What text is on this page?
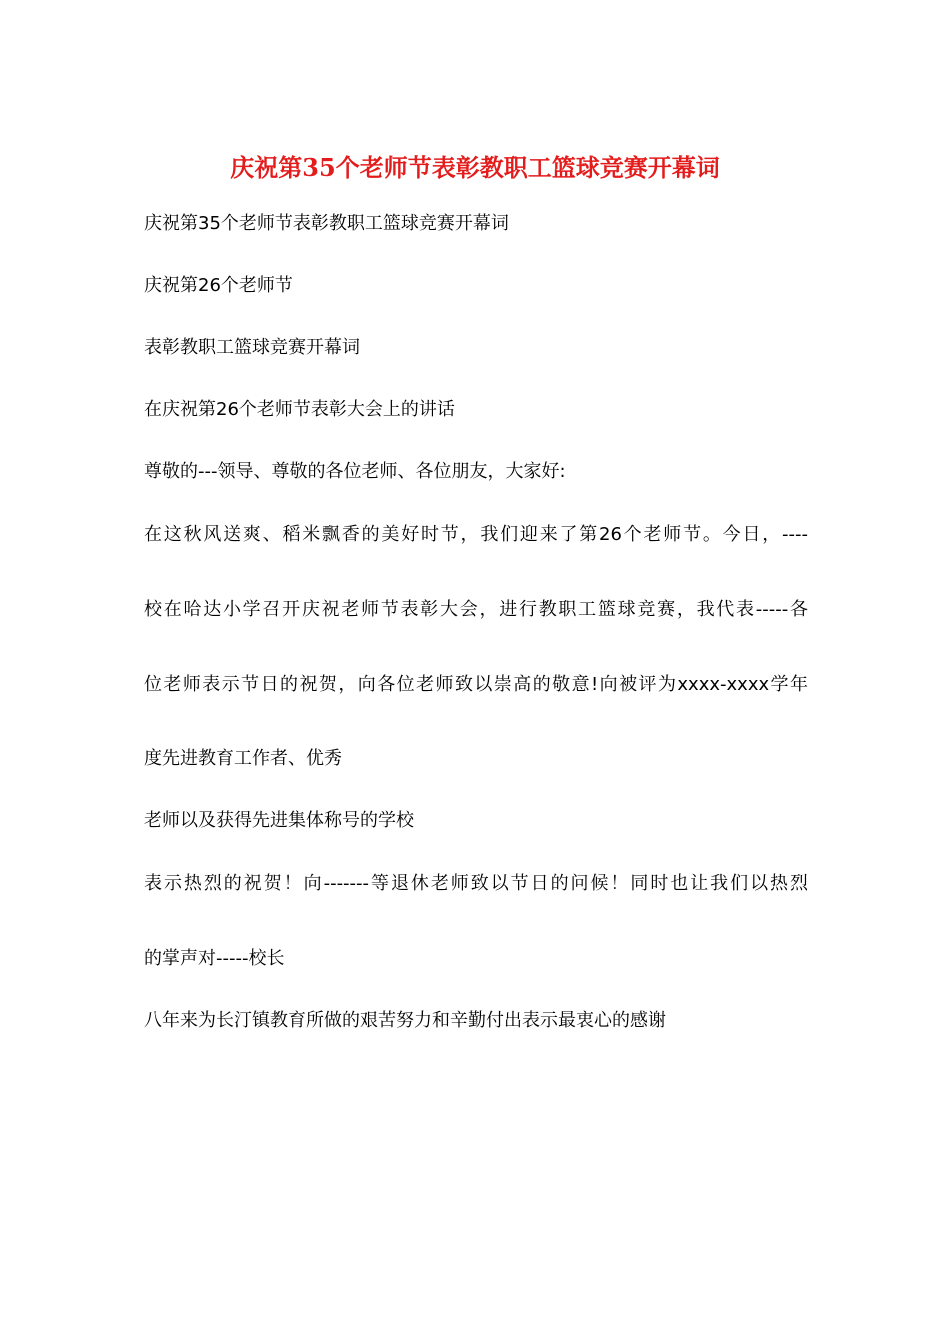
庆祝第35个老师节表彰教职工篮球竞赛开幕词
庆祝第35个老师节表彰教职工篮球竞赛开幕词
庆祝第26个老师节
表彰教职工篮球竞赛开幕词
在庆祝第26个老师节表彰大会上的讲话
尊敬的---领导、尊敬的各位老师、各位朋友，大家好:
在这秋风送爽、稻米飘香的美好时节，我们迎来了第26个老师节。今日，----
校在哈达小学召开庆祝老师节表彰大会，进行教职工篮球竞赛，我代表-----各
位老师表示节日的祝贺，向各位老师致以崇高的敬意!向被评为xxxx-xxxx学年
度先进教育工作者、优秀
老师以及获得先进集体称号的学校
表示热烈的祝贺！向-------等退休老师致以节日的问候！同时也让我们以热烈
的掌声对-----校长
八年来为长汀镇教育所做的艰苦努力和辛勤付出表示最衷心的感谢
